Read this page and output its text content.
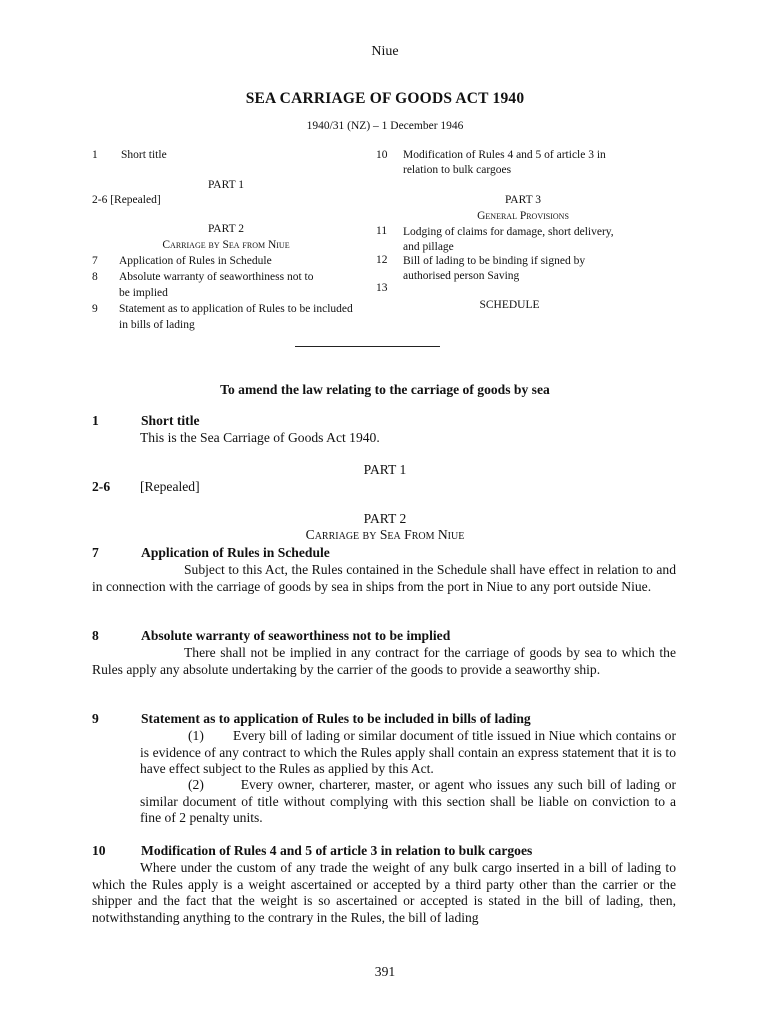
Niue
SEA CARRIAGE OF GOODS ACT 1940
1940/31 (NZ) – 1 December 1946
1	Short title
PART 1
2-6 [Repealed]
PART 2
Carriage by Sea from Niue
7	Application of Rules in Schedule
8	Absolute warranty of seaworthiness not to
be implied
9	Statement as to application of Rules to be included
in bills of lading
10	Modification of Rules 4 and 5 of article 3 in
relation to bulk cargoes
PART 3
General Provisions
11	Lodging of claims for damage, short delivery,
and pillage
12	Bill of lading to be binding if signed by
authorised person Saving
13
SCHEDULE
To amend the law relating to the carriage of goods by sea
1	Short title
This is the Sea Carriage of Goods Act 1940.
PART 1
2-6 [Repealed]
PART 2
Carriage by Sea From Niue
7	Application of Rules in Schedule
Subject to this Act, the Rules contained in the Schedule shall have effect in relation to and in connection with the carriage of goods by sea in ships from the port in Niue to any port outside Niue.
8	Absolute warranty of seaworthiness not to be implied
There shall not be implied in any contract for the carriage of goods by sea to which the Rules apply any absolute undertaking by the carrier of the goods to provide a seaworthy ship.
9	Statement as to application of Rules to be included in bills of lading
(1) Every bill of lading or similar document of title issued in Niue which contains or is evidence of any contract to which the Rules apply shall contain an express statement that it is to have effect subject to the Rules as applied by this Act.
(2)	Every owner, charterer, master, or agent who issues any such bill of lading or similar document of title without complying with this section shall be liable on conviction to a fine of 2 penalty units.
10	Modification of Rules 4 and 5 of article 3 in relation to bulk cargoes
Where under the custom of any trade the weight of any bulk cargo inserted in a bill of lading to which the Rules apply is a weight ascertained or accepted by a third party other than the carrier or the shipper and the fact that the weight is so ascertained or accepted is stated in the bill of lading, then, notwithstanding anything to the contrary in the Rules, the bill of lading
391
